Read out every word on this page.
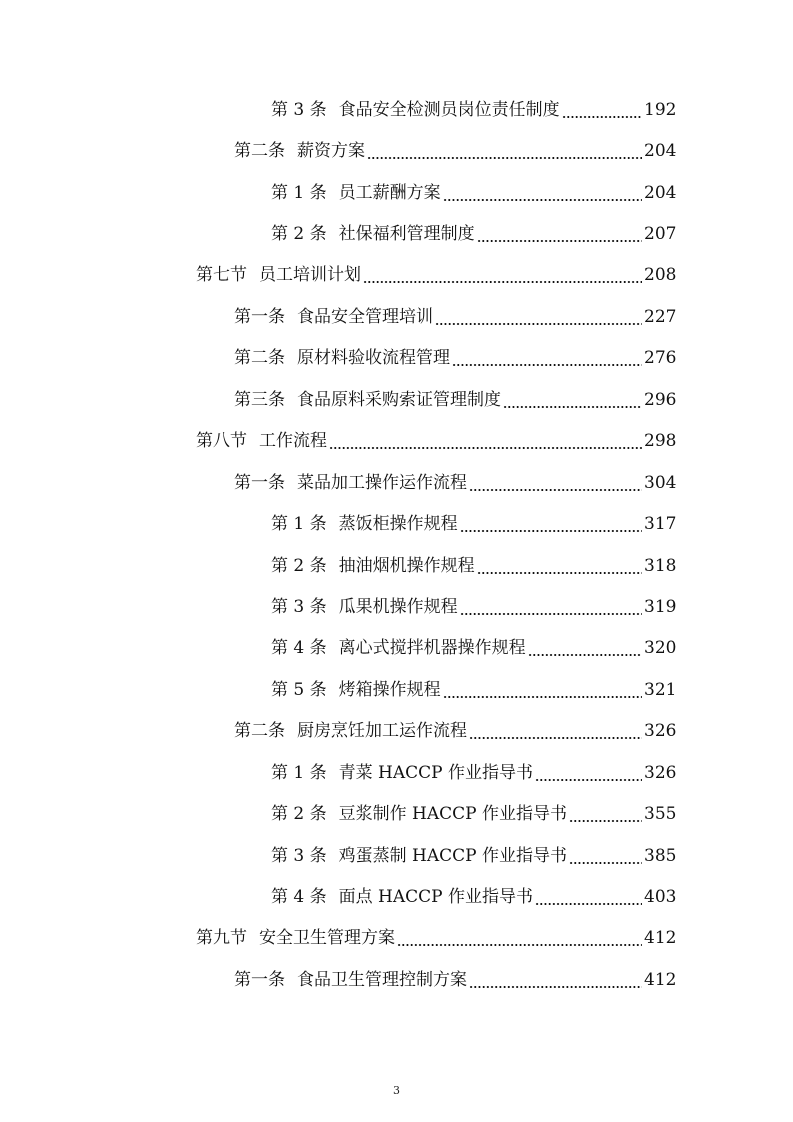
第 3 条 食品安全检测员岗位责任制度	192
第二条 薪资方案	204
第 1 条 员工薪酬方案	204
第 2 条 社保福利管理制度	207
第七节 员工培训计划	208
第一条 食品安全管理培训	227
第二条 原材料验收流程管理	276
第三条 食品原料采购索证管理制度	296
第八节 工作流程	298
第一条 菜品加工操作运作流程	304
第 1 条 蒸饭柜操作规程	317
第 2 条 抽油烟机操作规程	318
第 3 条 瓜果机操作规程	319
第 4 条 离心式搅拌机器操作规程	320
第 5 条 烤箱操作规程	321
第二条 厨房烹饪加工运作流程	326
第 1 条 青菜 HACCP 作业指导书	326
第 2 条 豆浆制作 HACCP 作业指导书	355
第 3 条 鸡蛋蒸制 HACCP 作业指导书	385
第 4 条 面点 HACCP 作业指导书	403
第九节 安全卫生管理方案	412
第一条 食品卫生管理控制方案	412
3
